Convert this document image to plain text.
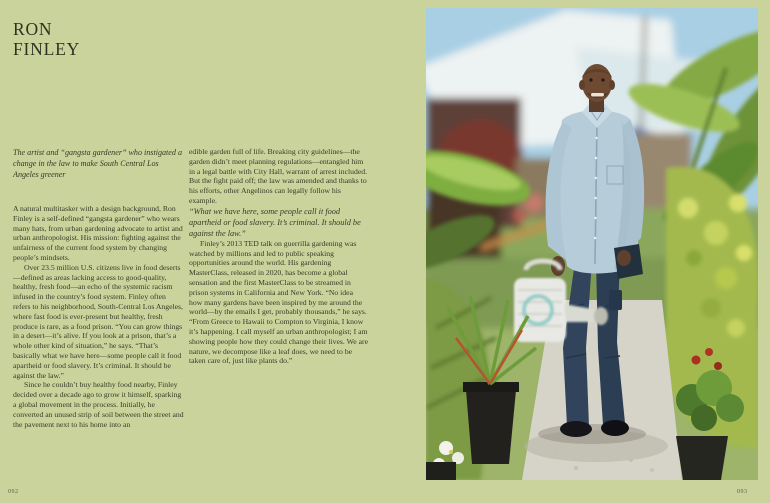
RON
FINLEY
The artist and “gangsta gardener” who instigated a change in the law to make South Central Los Angeles greener

A natural multitasker with a design background, Ron Finley is a self-defined “gangsta gardener” who wears many hats, from urban gardening advocate to artist and urban anthropologist. His mission: fighting against the unfairness of the current food system by changing people’s mindsets.

Over 23.5 million U.S. citizens live in food deserts—defined as areas lacking access to good-quality, healthy, fresh food—an echo of the systemic racism infused in the country’s food system. Finley often refers to his neighborhood, South-Central Los Angeles, where fast food is ever-present but healthy, fresh produce is rare, as a food prison. “You can grow things in a desert—it’s alive. If you look at a prison, that’s a whole other kind of situation,” he says. “That’s basically what we have here—some people call it food apartheid or food slavery. It’s criminal. It should be against the law.”

Since he couldn’t buy healthy food nearby, Finley decided over a decade ago to grow it himself, sparking a global movement in the process. Initially, he converted an unused strip of soil between the street and the pavement next to his home into an

edible garden full of life. Breaking city guidelines—the garden didn’t meet planning regulations—entangled him in a legal battle with City Hall, warrant of arrest included. But the fight paid off; the law was amended and thanks to his efforts, other Angelinos can legally follow his example.

“What we have here, some people call it food apartheid or food slavery. It’s criminal. It should be against the law.”

Finley’s 2013 TED talk on guerrilla gardening was watched by millions and led to public speaking opportunities around the world. His gardening MasterClass, released in 2020, has become a global sensation and the first MasterClass to be streamed in prison systems in California and New York. “No idea how many gardens have been inspired by me around the world—by the emails I get, probably thousands,” he says. “From Greece to Hawaii to Compton to Virginia, I know it’s happening. I call myself an urban anthropologist; I am showing people how they could change their lives. We are nature, we decompose like a leaf does, we need to be taken care of, just like plants do.”

092	093
